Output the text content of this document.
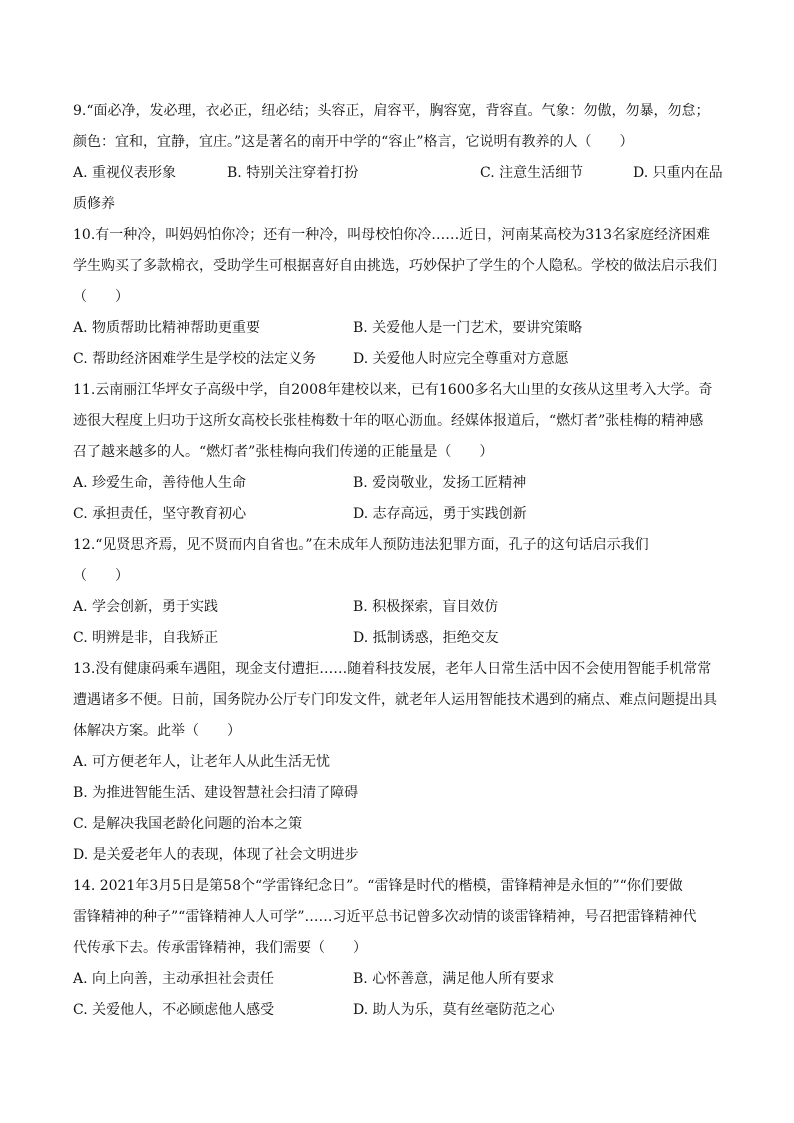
9.“面必净，发必理，衣必正，纽必结；头容正，肩容平，胸容宽，背容直。气象：勿傲，勿暴，勿怠；
颜色：宜和，宜静，宜庄。”这是著名的南开中学的“容止”格言，它说明有教养的人（　　）
A. 重视仪表形象	B. 特别关注穿着打扮	C. 注意生活细节	D. 只重内在品
质修养
10.有一种冷，叫妈妈怕你冷；还有一种冷，叫母校怕你冷……近日，河南某高校为313名家庭经济困难
学生购买了多款棉衣，受助学生可根据喜好自由挑选，巧妙保护了学生的个人隐私。学校的做法启示我们
（　　）
A. 物质帮助比精神帮助更重要	B. 关爱他人是一门艺术，要讲究策略
C. 帮助经济困难学生是学校的法定义务	D. 关爱他人时应完全尊重对方意愿
11.云南丽江华坪女子高级中学，自2008年建校以来，已有1600多名大山里的女孩从这里考入大学。奇
迹很大程度上归功于这所女高校长张桂梅数十年的呕心沥血。经媒体报道后，“燃灯者”张桂梅的精神感
召了越来越多的人。“燃灯者”张桂梅向我们传递的正能量是（　　）
A. 珍爱生命，善待他人生命	B. 爱岗敬业，发扬工匠精神
C. 承担责任，坚守教育初心	D. 志存高远，勇于实践创新
12.“见贤思齐焉，见不贤而内自省也。”在未成年人预防违法犯罪方面，孔子的这句话启示我们
（　　）
A. 学会创新，勇于实践	B. 积极探索，盲目效仿
C. 明辨是非，自我矫正	D. 抵制诱惑，拒绝交友
13.没有健康码乘车遇阻，现金支付遭拒……随着科技发展，老年人日常生活中因不会使用智能手机常常
遭遇诸多不便。日前，国务院办公厅专门印发文件，就老年人运用智能技术遇到的痛点、难点问题提出具
体解决方案。此举（　　）
A. 可方便老年人，让老年人从此生活无忧
B. 为推进智能生活、建设智慧社会扫清了障碍
C. 是解决我国老龄化问题的治本之策
D. 是关爱老年人的表现，体现了社会文明进步
14. 2021年3月5日是第58个“学雷锋纪念日”。“雷锋是时代的楷模，雷锋精神是永恒的”“你们要做
雷锋精神的种子”“雷锋精神人人可学”……习近平总书记曾多次动情的谈雷锋精神，号召把雷锋精神代
代传承下去。传承雷锋精神，我们需要（　　）
A. 向上向善，主动承担社会责任	B. 心怀善意，满足他人所有要求
C. 关爱他人，不必顾虑他人感受	D. 助人为乐，莫有丝毫防范之心
